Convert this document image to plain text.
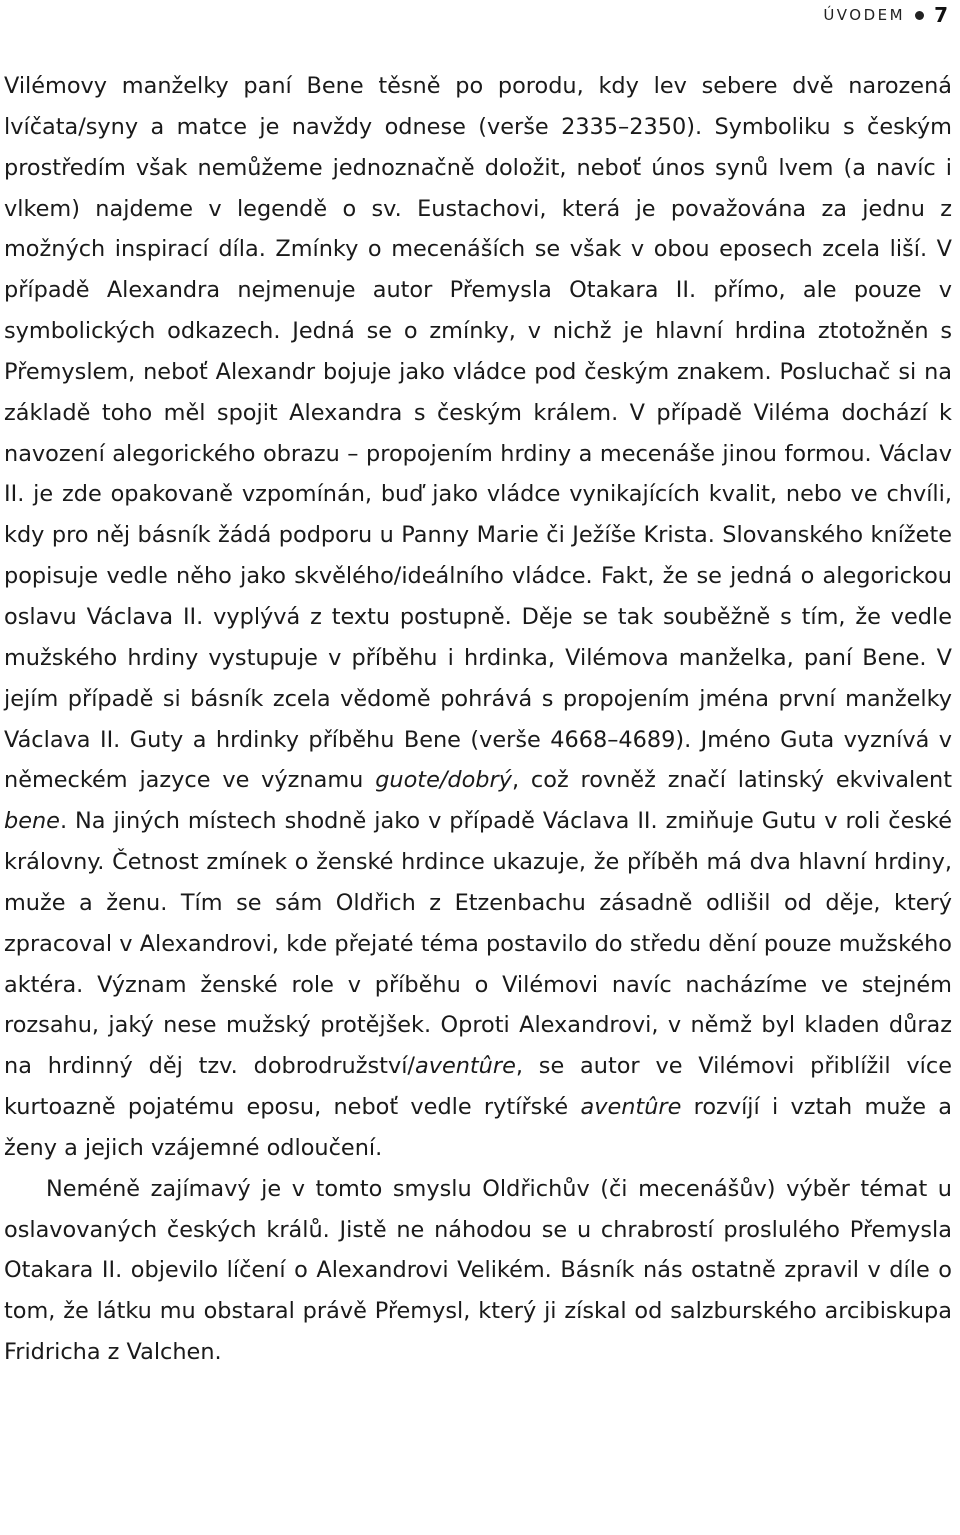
ÚVODEM 7

Vilémovy manželky paní Bene těsně po porodu, kdy lev sebere dvě narozená lvíčata/syny a matce je navždy odnese (verše 2335–2350). Symboliku s českým prostředím však nemůžeme jednoznačně doložit, neboť únos synů lvem (a navíc i vlkem) najdeme v legendě o sv. Eustachovi, která je považována za jednu z možných inspirací díla. Zmínky o mecenáších se však v obou eposech zcela liší. V případě Alexandra nejmenuje autor Přemysla Otakara II. přímo, ale pouze v symbolických odkazech. Jedná se o zmínky, v nichž je hlavní hrdina ztotožněn s Přemyslem, neboť Alexandr bojuje jako vládce pod českým znakem. Posluchač si na základě toho měl spojit Alexandra s českým králem. V případě Viléma dochází k navození alegorického obrazu – propojením hrdiny a mecenáše jinou formou. Václav II. je zde opakovaně vzpomínán, buď jako vládce vynikajících kvalit, nebo ve chvíli, kdy pro něj básník žádá podporu u Panny Marie či Ježíše Krista. Slovanského knížete popisuje vedle něho jako skvělého/ideálního vládce. Fakt, že se jedná o alegorickou oslavu Václava II. vyplývá z textu postupně. Děje se tak souběžně s tím, že vedle mužského hrdiny vystupuje v příběhu i hrdinka, Vilémova manželka, paní Bene. V jejím případě si básník zcela vědomě pohrává s propojením jména první manželky Václava II. Guty a hrdinky příběhu Bene (verše 4668–4689). Jméno Guta vyznívá v německém jazyce ve významu guote/dobrý, což rovněž značí latinský ekvivalent bene. Na jiných místech shodně jako v případě Václava II. zmiňuje Gutu v roli české královny. Četnost zmínek o ženské hrdince ukazuje, že příběh má dva hlavní hrdiny, muže a ženu. Tím se sám Oldřich z Etzenbachu zásadně odlišil od děje, který zpracoval v Alexandrovi, kde přejaté téma postavilo do středu dění pouze mužského aktéra. Význam ženské role v příběhu o Vilémovi navíc nacházíme ve stejném rozsahu, jaký nese mužský protějšek. Oproti Alexandrovi, v němž byl kladen důraz na hrdinný děj tzv. dobrodružství/aventûre, se autor ve Vilémovi přiblížil více kurtoazně pojatému eposu, neboť vedle rytířské aventûre rozvíjí i vztah muže a ženy a jejich vzájemné odloučení.

Neméně zajímavý je v tomto smyslu Oldřichův (či mecenášův) výběr témat u oslavovaných českých králů. Jistě ne náhodou se u chrabrostí proslulého Přemysla Otakara II. objevilo líčení o Alexandrovi Velikém. Básník nás ostatně zpravil v díle o tom, že látku mu obstaral právě Přemysl, který ji získal od salzburského arcibiskupa Fridricha z Valchen.
